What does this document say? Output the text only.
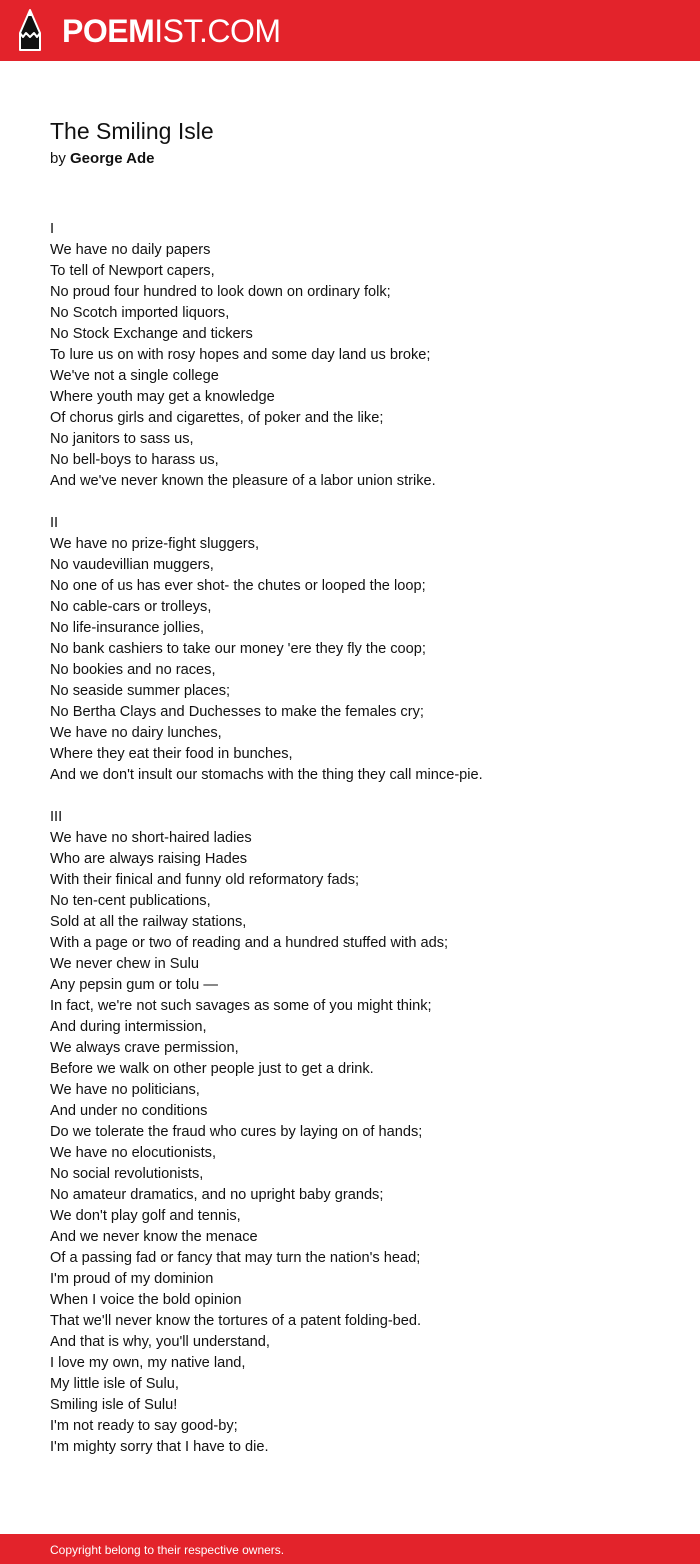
POEMIST.COM
The Smiling Isle
by George Ade
I
We have no daily papers
To tell of Newport capers,
No proud four hundred to look down on ordinary folk;
No Scotch imported liquors,
No Stock Exchange and tickers
To lure us on with rosy hopes and some day land us broke;
We've not a single college
Where youth may get a knowledge
Of chorus girls and cigarettes, of poker and the like;
No janitors to sass us,
No bell-boys to harass us,
And we've never known the pleasure of a labor union strike.
II
We have no prize-fight sluggers,
No vaudevillian muggers,
No one of us has ever shot- the chutes or looped the loop;
No cable-cars or trolleys,
No life-insurance jollies,
No bank cashiers to take our money 'ere they fly the coop;
No bookies and no races,
No seaside summer places;
No Bertha Clays and Duchesses to make the females cry;
We have no dairy lunches,
Where they eat their food in bunches,
And we don't insult our stomachs with the thing they call mince-pie.
III
We have no short-haired ladies
Who are always raising Hades
With their finical and funny old reformatory fads;
No ten-cent publications,
Sold at all the railway stations,
With a page or two of reading and a hundred stuffed with ads;
We never chew in Sulu
Any pepsin gum or tolu —
In fact, we're not such savages as some of you might think;
And during intermission,
We always crave permission,
Before we walk on other people just to get a drink.
We have no politicians,
And under no conditions
Do we tolerate the fraud who cures by laying on of hands;
We have no elocutionists,
No social revolutionists,
No amateur dramatics, and no upright baby grands;
We don't play golf and tennis,
And we never know the menace
Of a passing fad or fancy that may turn the nation's head;
I'm proud of my dominion
When I voice the bold opinion
That we'll never know the tortures of a patent folding-bed.
And that is why, you'll understand,
I love my own, my native land,
My little isle of Sulu,
Smiling isle of Sulu!
I'm not ready to say good-by;
I'm mighty sorry that I have to die.
Copyright belong to their respective owners.
